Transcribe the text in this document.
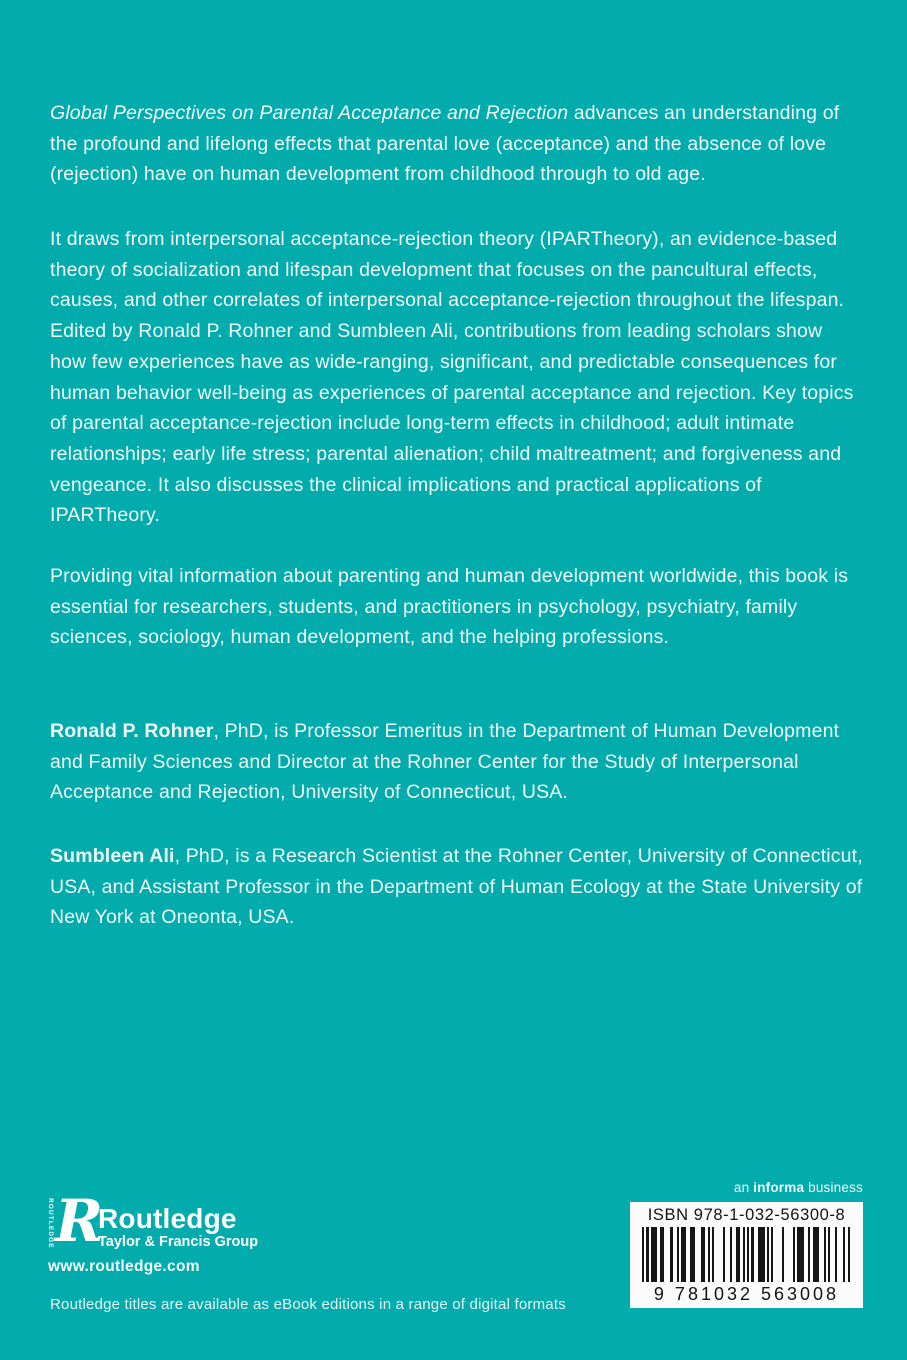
Global Perspectives on Parental Acceptance and Rejection advances an understanding of the profound and lifelong effects that parental love (acceptance) and the absence of love (rejection) have on human development from childhood through to old age.

It draws from interpersonal acceptance-rejection theory (IPARTheory), an evidence-based theory of socialization and lifespan development that focuses on the pancultural effects, causes, and other correlates of interpersonal acceptance-rejection throughout the lifespan. Edited by Ronald P. Rohner and Sumbleen Ali, contributions from leading scholars show how few experiences have as wide-ranging, significant, and predictable consequences for human behavior well-being as experiences of parental acceptance and rejection. Key topics of parental acceptance-rejection include long-term effects in childhood; adult intimate relationships; early life stress; parental alienation; child maltreatment; and forgiveness and vengeance. It also discusses the clinical implications and practical applications of IPARTheory.

Providing vital information about parenting and human development worldwide, this book is essential for researchers, students, and practitioners in psychology, psychiatry, family sciences, sociology, human development, and the helping professions.

Ronald P. Rohner, PhD, is Professor Emeritus in the Department of Human Development and Family Sciences and Director at the Rohner Center for the Study of Interpersonal Acceptance and Rejection, University of Connecticut, USA.

Sumbleen Ali, PhD, is a Research Scientist at the Rohner Center, University of Connecticut, USA, and Assistant Professor in the Department of Human Ecology at the State University of New York at Oneonta, USA.

an informa business
ISBN 978-1-032-56300-8
9 781032 563008
ROUTLEDGE R
Routledge
Taylor & Francis Group
www.routledge.com
Routledge titles are available as eBook editions in a range of digital formats
